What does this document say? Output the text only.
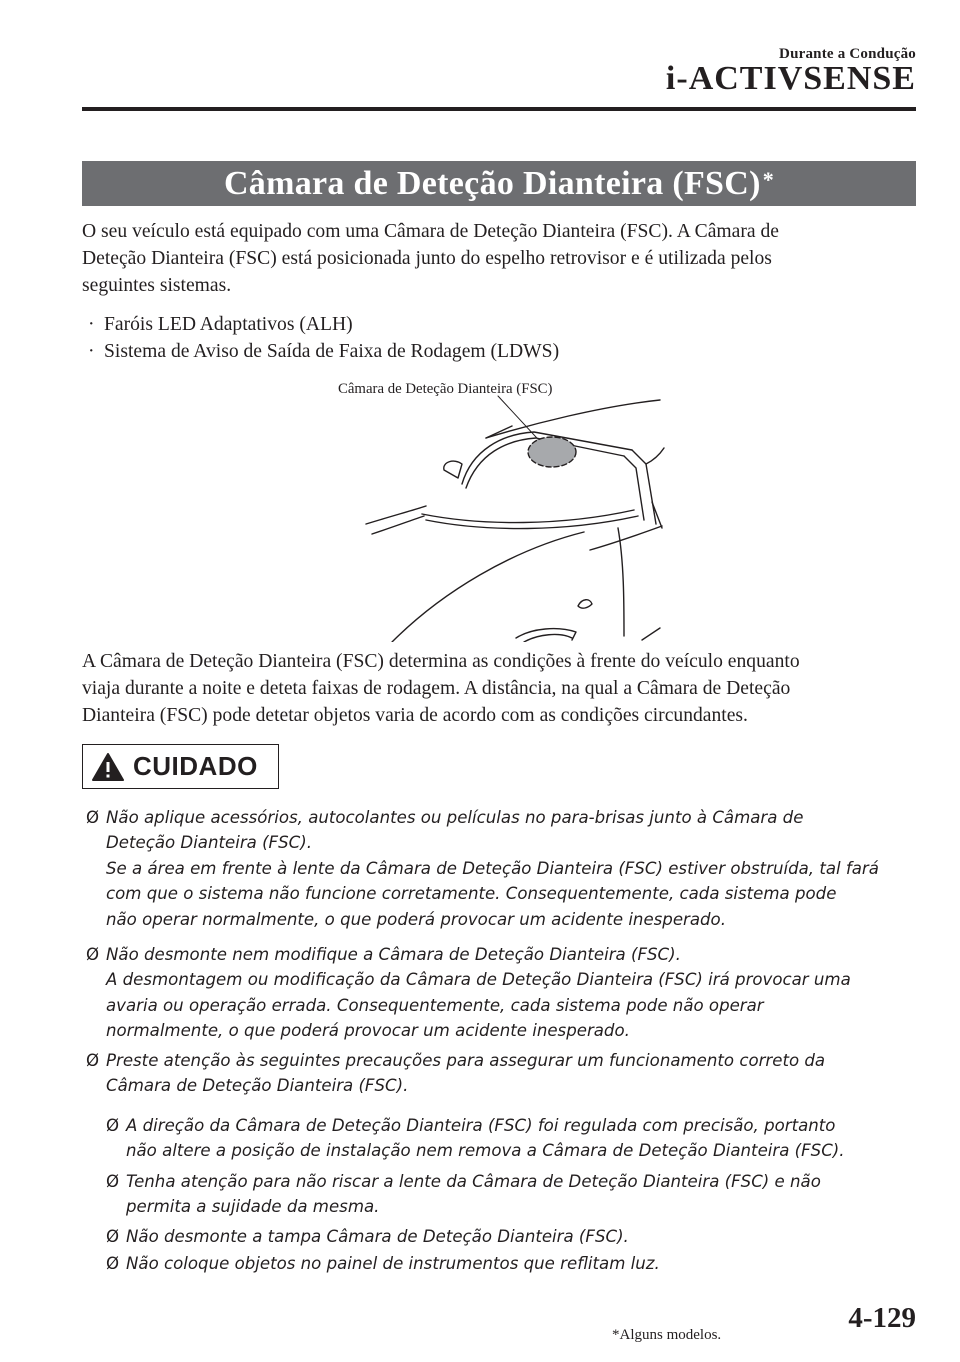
Durante a Condução
i-ACTIVSENSE
Câmara de Deteção Dianteira (FSC)*
O seu veículo está equipado com uma Câmara de Deteção Dianteira (FSC). A Câmara de
Deteção Dianteira (FSC) está posicionada junto do espelho retrovisor e é utilizada pelos
seguintes sistemas.
· Faróis LED Adaptativos (ALH)
· Sistema de Aviso de Saída de Faixa de Rodagem (LDWS)
Câmara de Deteção Dianteira (FSC)
A Câmara de Deteção Dianteira (FSC) determina as condições à frente do veículo enquanto
viaja durante a noite e deteta faixas de rodagem. A distância, na qual a Câmara de Deteção
Dianteira (FSC) pode detetar objetos varia de acordo com as condições circundantes.
CUIDADO
Ø Não aplique acessórios, autocolantes ou películas no para-brisas junto à Câmara de
Deteção Dianteira (FSC).
Se a área em frente à lente da Câmara de Deteção Dianteira (FSC) estiver obstruída, tal fará
com que o sistema não funcione corretamente. Consequentemente, cada sistema pode
não operar normalmente, o que poderá provocar um acidente inesperado.
Ø Não desmonte nem modifique a Câmara de Deteção Dianteira (FSC).
A desmontagem ou modificação da Câmara de Deteção Dianteira (FSC) irá provocar uma
avaria ou operação errada. Consequentemente, cada sistema pode não operar
normalmente, o que poderá provocar um acidente inesperado.
Ø Preste atenção às seguintes precauções para assegurar um funcionamento correto da
Câmara de Deteção Dianteira (FSC).
Ø A direção da Câmara de Deteção Dianteira (FSC) foi regulada com precisão, portanto
não altere a posição de instalação nem remova a Câmara de Deteção Dianteira (FSC).
Ø Tenha atenção para não riscar a lente da Câmara de Deteção Dianteira (FSC) e não
permita a sujidade da mesma.
Ø Não desmonte a tampa Câmara de Deteção Dianteira (FSC).
Ø Não coloque objetos no painel de instrumentos que reflitam luz.
*Alguns modelos.
4-129
